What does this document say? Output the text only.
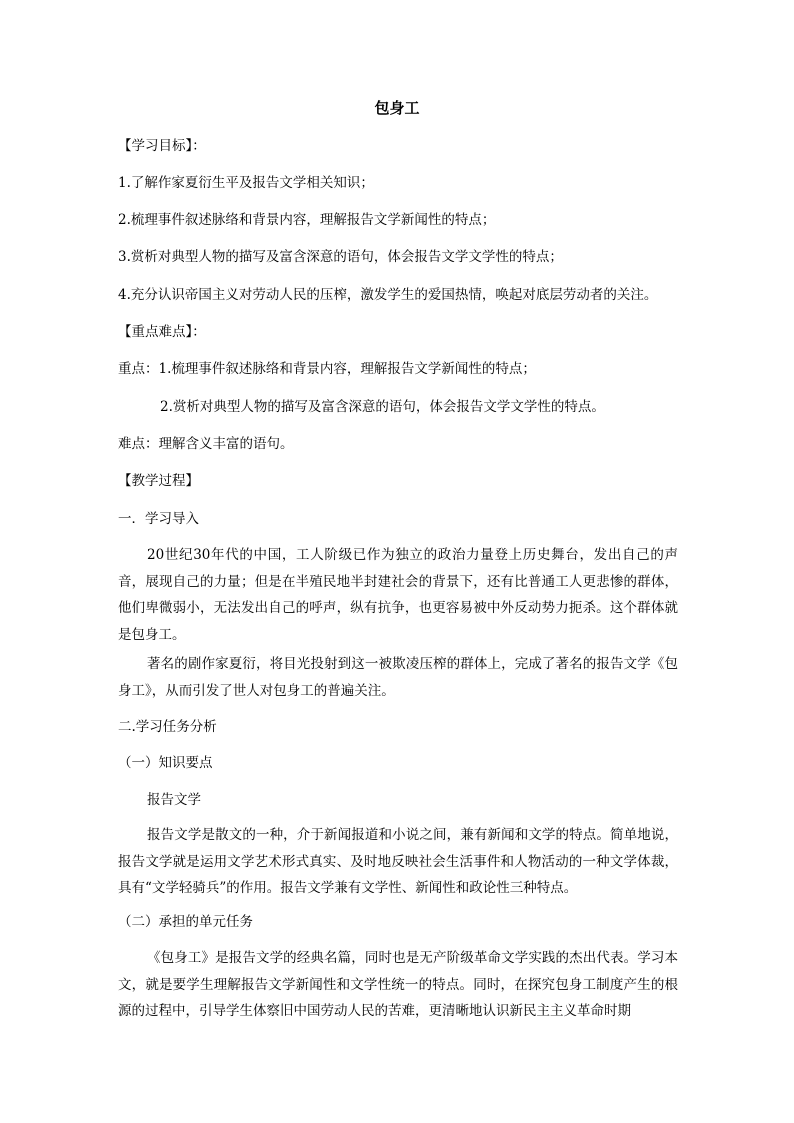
包身工
【学习目标】：
1.了解作家夏衍生平及报告文学相关知识；
2.梳理事件叙述脉络和背景内容，理解报告文学新闻性的特点；
3.赏析对典型人物的描写及富含深意的语句，体会报告文学文学性的特点；
4.充分认识帝国主义对劳动人民的压榨，激发学生的爱国热情，唤起对底层劳动者的关注。
【重点难点】：
重点：1.梳理事件叙述脉络和背景内容，理解报告文学新闻性的特点；
2.赏析对典型人物的描写及富含深意的语句，体会报告文学文学性的特点。
难点：理解含义丰富的语句。
【教学过程】
一．学习导入
20世纪30年代的中国，工人阶级已作为独立的政治力量登上历史舞台，发出自己的声音，展现自己的力量；但是在半殖民地半封建社会的背景下，还有比普通工人更悲惨的群体，他们卑微弱小，无法发出自己的呼声，纵有抗争，也更容易被中外反动势力扼杀。这个群体就是包身工。
著名的剧作家夏衍，将目光投射到这一被欺凌压榨的群体上，完成了著名的报告文学《包身工》，从而引发了世人对包身工的普遍关注。
二.学习任务分析
（一）知识要点
报告文学
报告文学是散文的一种，介于新闻报道和小说之间，兼有新闻和文学的特点。简单地说，报告文学就是运用文学艺术形式真实、及时地反映社会生活事件和人物活动的一种文学体裁，具有“文学轻骑兵”的作用。报告文学兼有文学性、新闻性和政论性三种特点。
（二）承担的单元任务
《包身工》是报告文学的经典名篇，同时也是无产阶级革命文学实践的杰出代表。学习本文，就是要学生理解报告文学新闻性和文学性统一的特点。同时，在探究包身工制度产生的根源的过程中，引导学生体察旧中国劳动人民的苦难，更清晰地认识新民主主义革命时期
